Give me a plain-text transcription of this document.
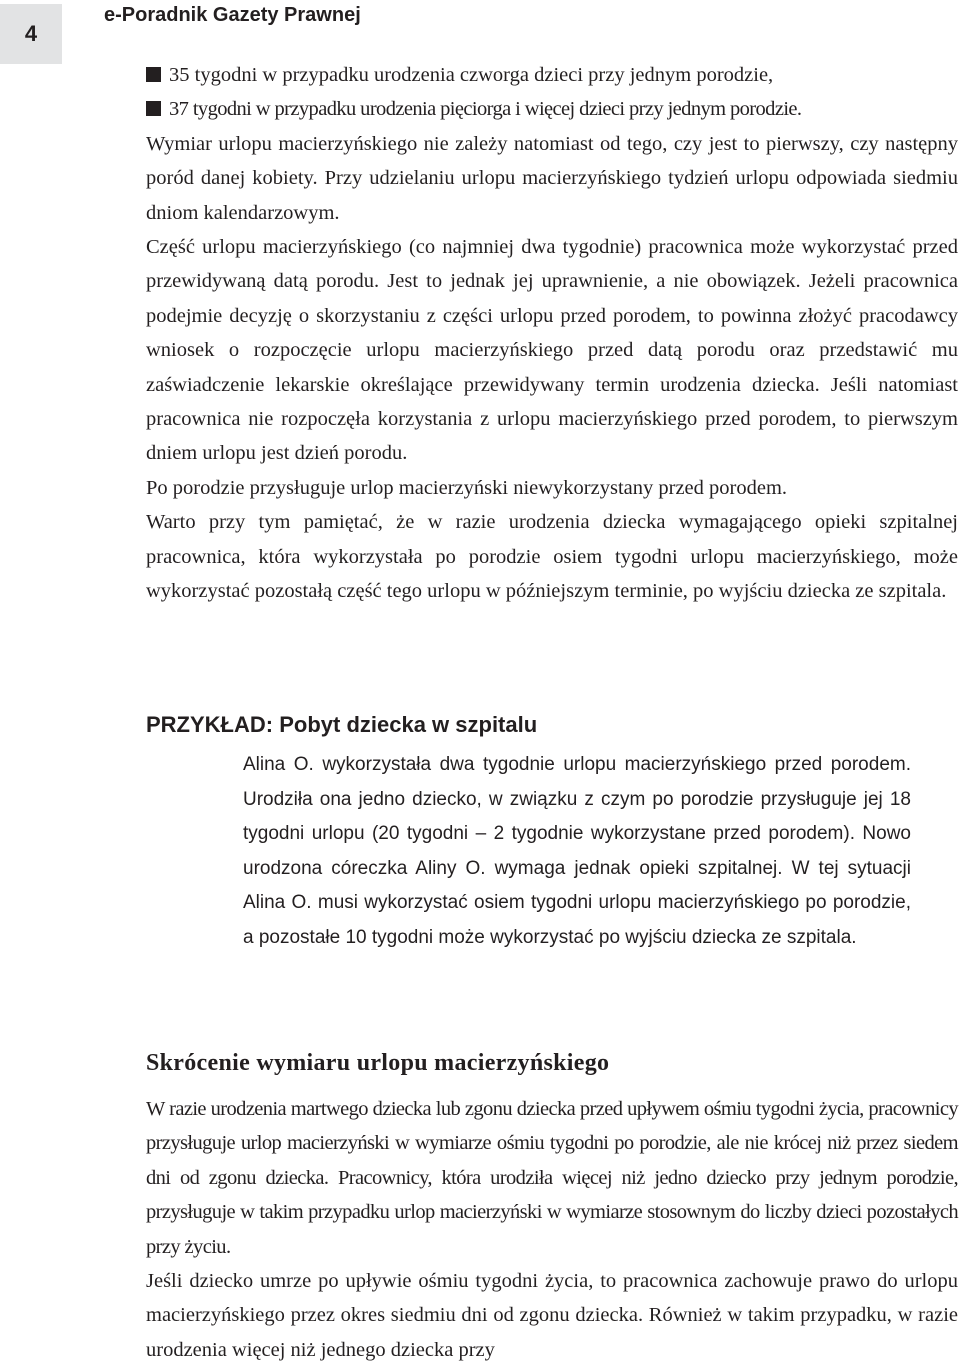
4
e-Poradnik Gazety Prawnej
35 tygodni w przypadku urodzenia czworga dzieci przy jednym porodzie,
37 tygodni w przypadku urodzenia pięciorga i więcej dzieci przy jednym porodzie.

Wymiar urlopu macierzyńskiego nie zależy natomiast od tego, czy jest to pierwszy, czy następny poród danej kobiety. Przy udzielaniu urlopu macierzyńskiego tydzień urlopu odpowiada siedmiu dniom kalendarzowym.

Część urlopu macierzyńskiego (co najmniej dwa tygodnie) pracownica może wykorzystać przed przewidywaną datą porodu. Jest to jednak jej uprawnienie, a nie obowiązek. Jeżeli pracownica podejmie decyzję o skorzystaniu z części urlopu przed porodem, to powinna złożyć pracodawcy wniosek o rozpoczęcie urlopu macierzyńskiego przed datą porodu oraz przedstawić mu zaświadczenie lekarskie określające przewidywany termin urodzenia dziecka. Jeśli natomiast pracownica nie rozpoczęła korzystania z urlopu macierzyńskiego przed porodem, to pierwszym dniem urlopu jest dzień porodu.

Po porodzie przysługuje urlop macierzyński niewykorzystany przed porodem.

Warto przy tym pamiętać, że w razie urodzenia dziecka wymagającego opieki szpitalnej pracownica, która wykorzystała po porodzie osiem tygodni urlopu macierzyńskiego, może wykorzystać pozostałą część tego urlopu w późniejszym terminie, po wyjściu dziecka ze szpitala.

PRZYKŁAD: Pobyt dziecka w szpitalu

Alina O. wykorzystała dwa tygodnie urlopu macierzyńskiego przed porodem. Urodziła ona jedno dziecko, w związku z czym po porodzie przysługuje jej 18 tygodni urlopu (20 tygodni – 2 tygodnie wykorzystane przed porodem). Nowo urodzona córeczka Aliny O. wymaga jednak opieki szpitalnej. W tej sytuacji Alina O. musi wykorzystać osiem tygodni urlopu macierzyńskiego po porodzie, a pozostałe 10 tygodni może wykorzystać po wyjściu dziecka ze szpitala.

Skrócenie wymiaru urlopu macierzyńskiego

W razie urodzenia martwego dziecka lub zgonu dziecka przed upływem ośmiu tygodni życia, pracownicy przysługuje urlop macierzyński w wymiarze ośmiu tygodni po porodzie, ale nie krócej niż przez siedem dni od zgonu dziecka. Pracownicy, która urodziła więcej niż jedno dziecko przy jednym porodzie, przysługuje w takim przypadku urlop macierzyński w wymiarze stosownym do liczby dzieci pozostałych przy życiu.

Jeśli dziecko umrze po upływie ośmiu tygodni życia, to pracownica zachowuje prawo do urlopu macierzyńskiego przez okres siedmiu dni od zgonu dziecka. Również w takim przypadku, w razie urodzenia więcej niż jednego dziecka przy
